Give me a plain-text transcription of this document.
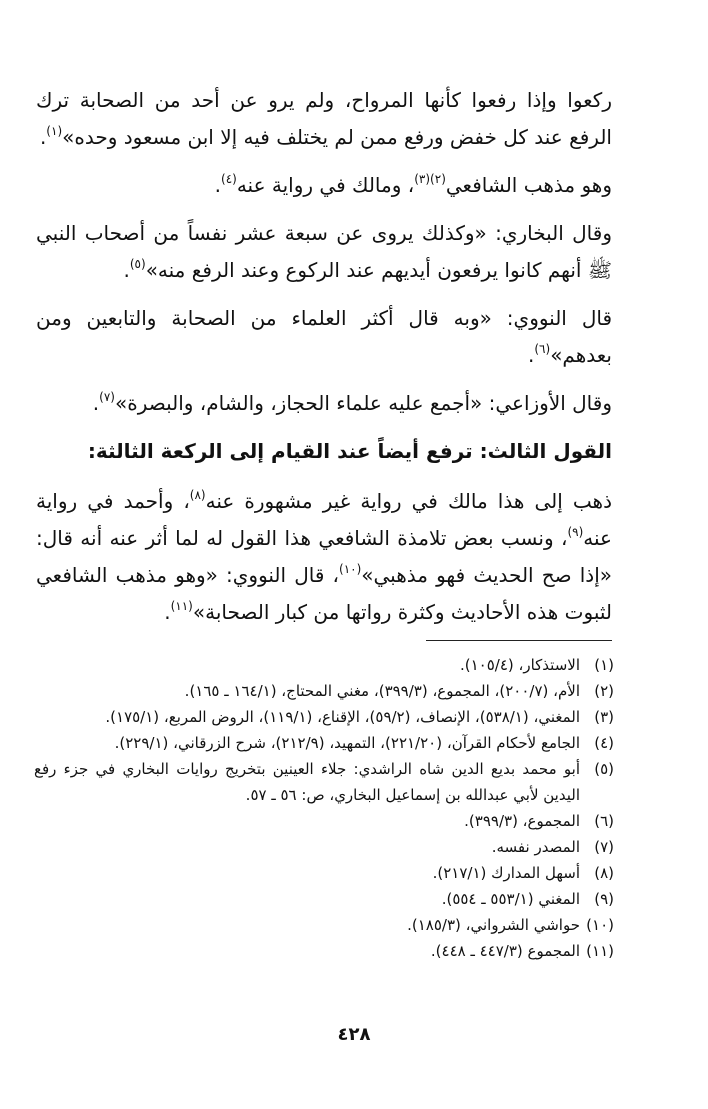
ركعوا وإذا رفعوا كأنها المرواح، ولم يرو عن أحد من الصحابة ترك الرفع عند كل خفض ورفع ممن لم يختلف فيه إلا ابن مسعود وحده»$^{(١)}$.

وهو مذهب الشافعي$^{(٢)(٣)}$، ومالك في رواية عنه$^{(٤)}$.

وقال البخاري: «وكذلك يروى عن سبعة عشر نفساً من أصحاب النبي ﷺ أنهم كانوا يرفعون أيديهم عند الركوع وعند الرفع منه»$^{(٥)}$.

قال النووي: «وبه قال أكثر العلماء من الصحابة والتابعين ومن بعدهم»$^{(٦)}$.

وقال الأوزاعي: «أجمع عليه علماء الحجاز، والشام، والبصرة»$^{(٧)}$.

القول الثالث: ترفع أيضاً عند القيام إلى الركعة الثالثة:

ذهب إلى هذا مالك في رواية غير مشهورة عنه$^{(٨)}$، وأحمد في رواية عنه$^{(٩)}$، ونسب بعض تلامذة الشافعي هذا القول له لما أثر عنه أنه قال: «إذا صح الحديث فهو مذهبي»$^{(١٠)}$، قال النووي: «وهو مذهب الشافعي لثبوت هذه الأحاديث وكثرة رواتها من كبار الصحابة»$^{(١١)}$.

(١)
الاستذكار، (١٠٥/٤).
(٢)
الأم، (٢٠٠/٧)، المجموع، (٣٩٩/٣)، مغني المحتاج، (١٦٤/١ ـ ١٦٥).
(٣)
المغني، (٥٣٨/١)، الإنصاف، (٥٩/٢)، الإقناع، (١١٩/١)، الروض المربع، (١٧٥/١).
(٤)
الجامع لأحكام القرآن، (٢٢١/٢٠)، التمهيد، (٢١٢/٩)، شرح الزرقاني، (٢٢٩/١).
(٥)
أبو محمد بديع الدين شاه الراشدي: جلاء العينين بتخريج روايات البخاري في جزء رفع اليدين لأبي عبدالله بن إسماعيل البخاري، ص: ٥٦ ـ ٥٧.
(٦)
المجموع، (٣٩٩/٣).
(٧)
المصدر نفسه.
(٨)
أسهل المدارك (٢١٧/١).
(٩)
المغني (٥٥٣/١ ـ ٥٥٤).
(١٠)
حواشي الشرواني، (١٨٥/٣).
(١١)
المجموع (٤٤٧/٣ ـ ٤٤٨).
٤٢٨
